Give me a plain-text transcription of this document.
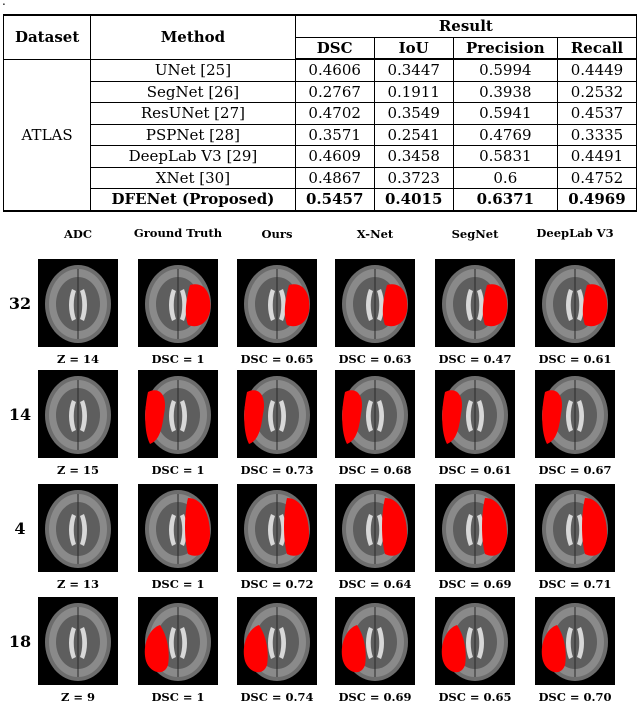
.
Dataset	Method	Result			
		DSC	IoU	Precision	Recall
ATLAS	UNet [25]	0.4606	0.3447	0.5994	0.4449
	SegNet [26]	0.2767	0.1911	0.3938	0.2532
	ResUNet [27]	0.4702	0.3549	0.5941	0.4537
	PSPNet [28]	0.3571	0.2541	0.4769	0.3335
	DeepLab V3 [29]	0.4609	0.3458	0.5831	0.4491
	XNet [30]	0.4867	0.3723	0.6	0.4752
	DFENet (Proposed)	0.5457	0.4015	0.6371	0.4969
ADC	Ground Truth	Ours	X-Net	SegNet	DeepLab V3
32
Z = 14	DSC = 1	DSC = 0.65	DSC = 0.63	DSC = 0.47	DSC = 0.61
14
Z = 15	DSC = 1	DSC = 0.73	DSC = 0.68	DSC = 0.61	DSC = 0.67
4
Z = 13	DSC = 1	DSC = 0.72	DSC = 0.64	DSC = 0.69	DSC = 0.71
18
Z = 9	DSC = 1	DSC = 0.74	DSC = 0.69	DSC = 0.65	DSC = 0.70
